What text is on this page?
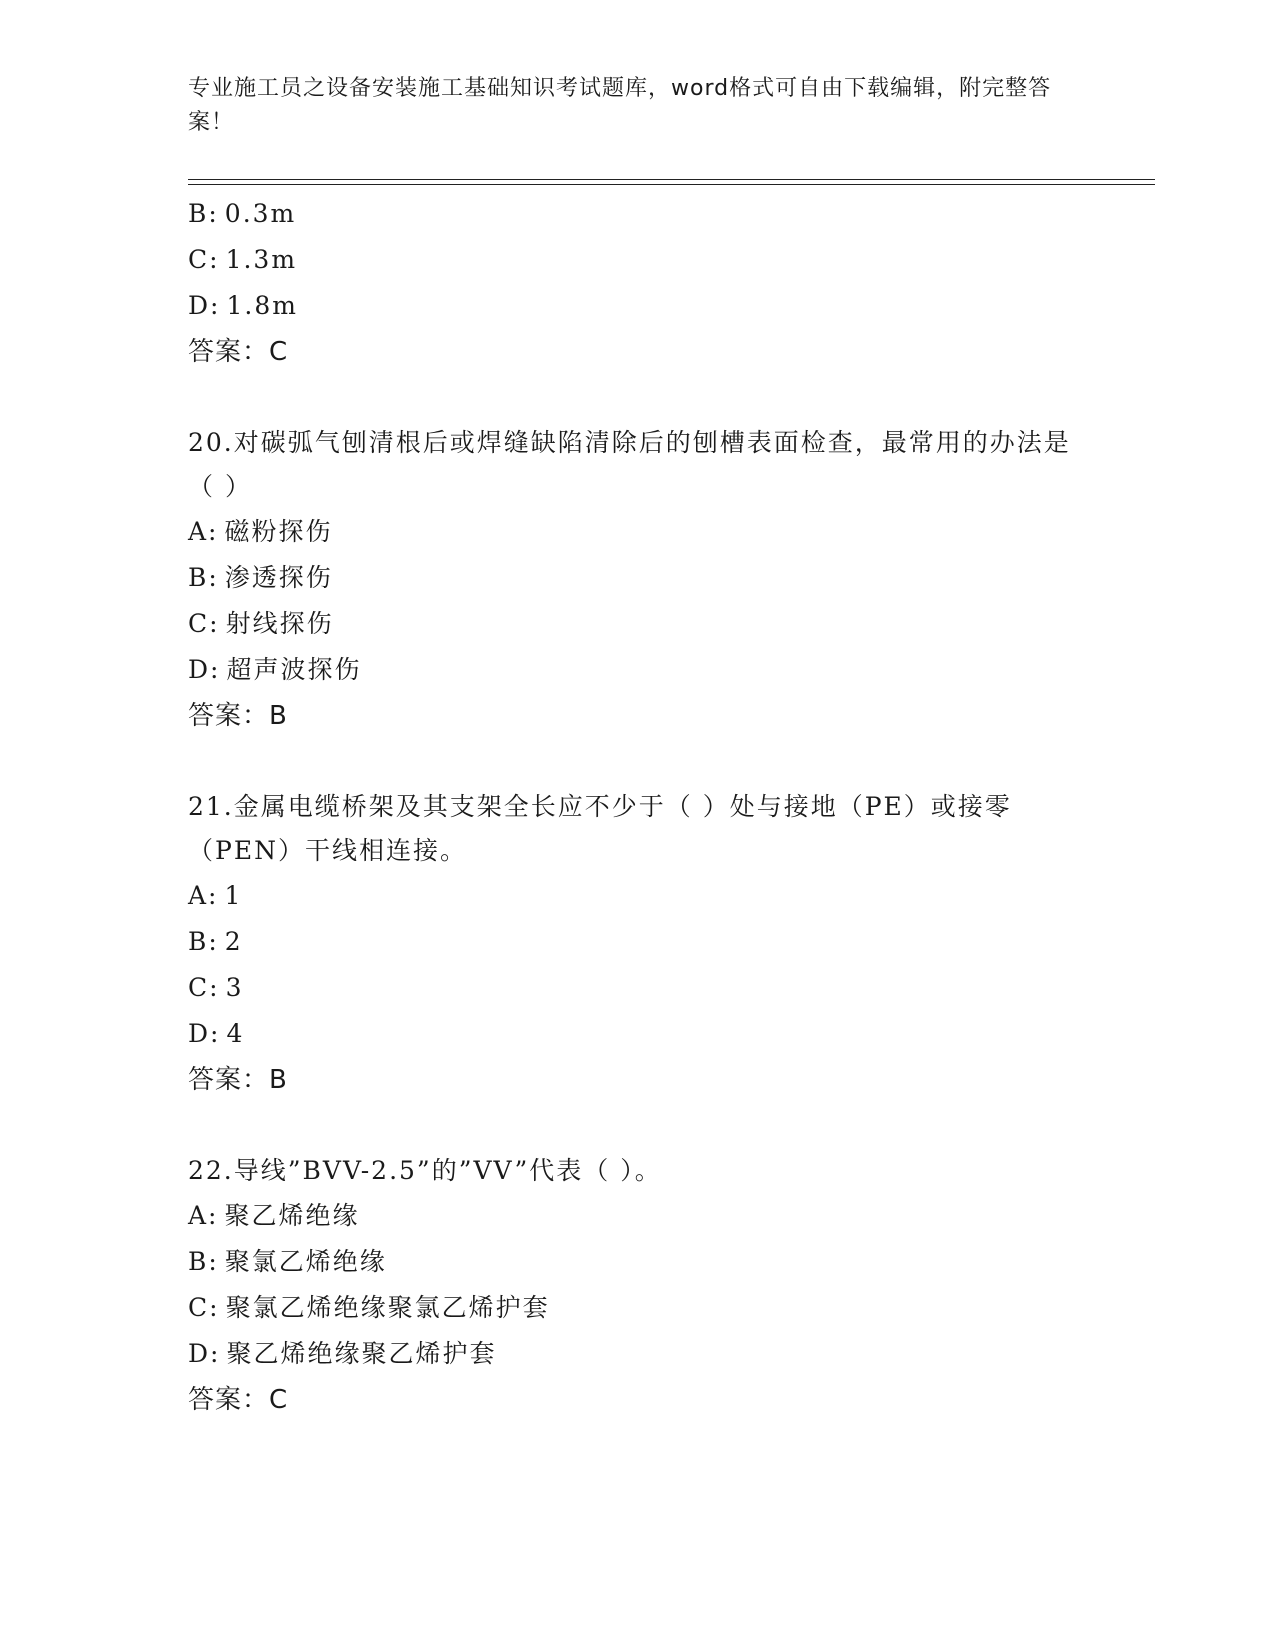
专业施工员之设备安装施工基础知识考试题库，word格式可自由下载编辑，附完整答案！
B: 0.3m
C: 1.3m
D: 1.8m
答案：C
20.对碳弧气刨清根后或焊缝缺陷清除后的刨槽表面检查，最常用的办法是（ ）
A: 磁粉探伤
B: 渗透探伤
C: 射线探伤
D: 超声波探伤
答案：B
21.金属电缆桥架及其支架全长应不少于（ ）处与接地（PE）或接零（PEN）干线相连接。
A: 1
B: 2
C: 3
D: 4
答案：B
22.导线”BVV-2.5”的”VV”代表（ ）。
A: 聚乙烯绝缘
B: 聚氯乙烯绝缘
C: 聚氯乙烯绝缘聚氯乙烯护套
D: 聚乙烯绝缘聚乙烯护套
答案：C
